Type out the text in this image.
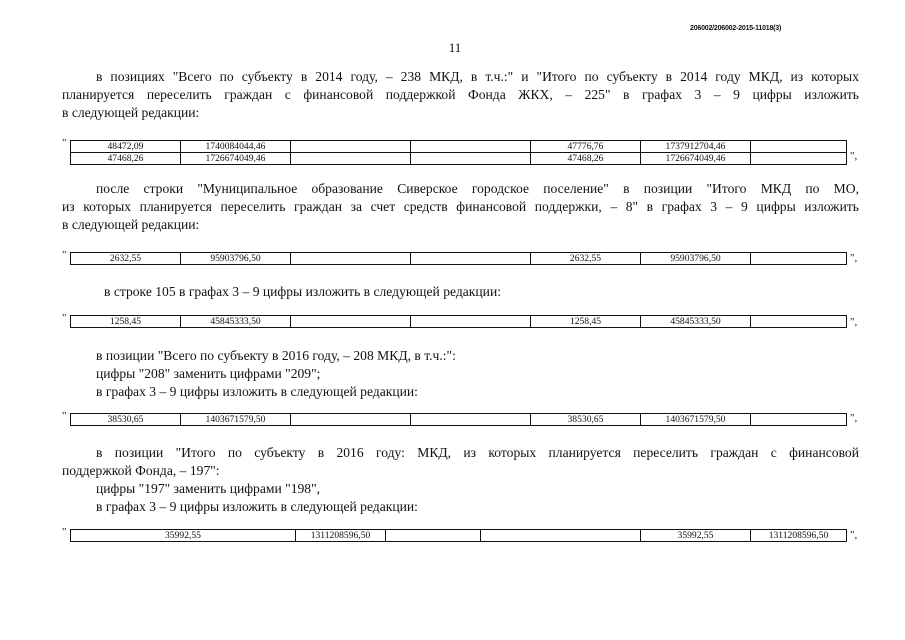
206002/206002-2015-11018(3)
11
в позициях "Всего по субъекту в 2014 году, – 238 МКД, в т.ч.:" и "Итого по субъекту в 2014 году МКД, из которых
планируется переселить граждан с финансовой поддержкой Фонда ЖКХ, – 225" в графах 3 – 9 цифры изложить
в следующей редакции:
"	48472,09	1740084044,46			47776,76	1737912704,46	
47468,26	1726674049,46			47468,26	1726674049,46		",
после строки "Муниципальное образование Сиверское городское поселение" в позиции "Итого МКД по МО,
из которых планируется переселить граждан за счет средств финансовой поддержки, – 8" в графах 3 – 9 цифры изложить
в следующей редакции:
"	2632,55	95903796,50			2632,55	95903796,50		",
в строке 105 в графах 3 – 9 цифры изложить в следующей редакции:
"	1258,45	45845333,50			1258,45	45845333,50		",
в позиции "Всего по субъекту в 2016 году, – 208 МКД, в т.ч.:":
цифры "208" заменить цифрами "209";
в графах 3 – 9 цифры изложить в следующей редакции:
"	38530,65	1403671579,50			38530,65	1403671579,50		",
в позиции "Итого по субъекту в 2016 году: МКД, из которых планируется переселить граждан с финансовой
поддержкой Фонда, – 197":
цифры "197" заменить цифрами "198",
в графах 3 – 9 цифры изложить в следующей редакции:
"	35992,55	1311208596,50			35992,55	1311208596,50	",
